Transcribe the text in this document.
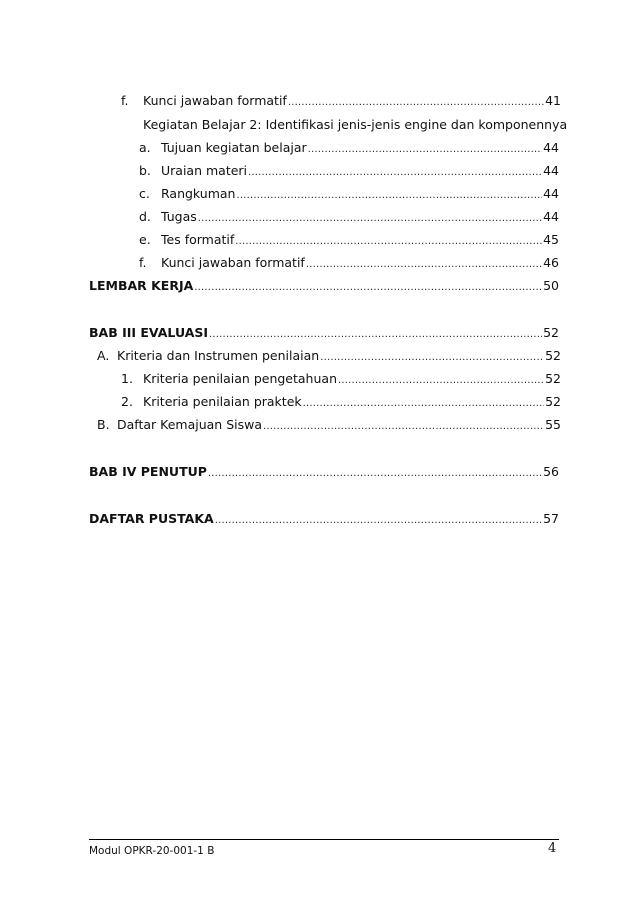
f. Kunci jawaban formatif .....	41
Kegiatan Belajar 2: Identifikasi jenis-jenis engine dan komponennya
a. Tujuan kegiatan belajar .....	44
b. Uraian materi .....	44
c. Rangkuman .....	44
d. Tugas .....	44
e. Tes formatif .....	45
f. Kunci jawaban formatif .....	46
LEMBAR KERJA .....	50
BAB III EVALUASI .....	52
A. Kriteria dan Instrumen penilaian .....	52
1. Kriteria penilaian pengetahuan .....	52
2. Kriteria penilaian praktek .....	52
B. Daftar Kemajuan Siswa .....	55
BAB IV PENUTUP .....	56
DAFTAR PUSTAKA .....	57
Modul OPKR-20-001-1 B	4
